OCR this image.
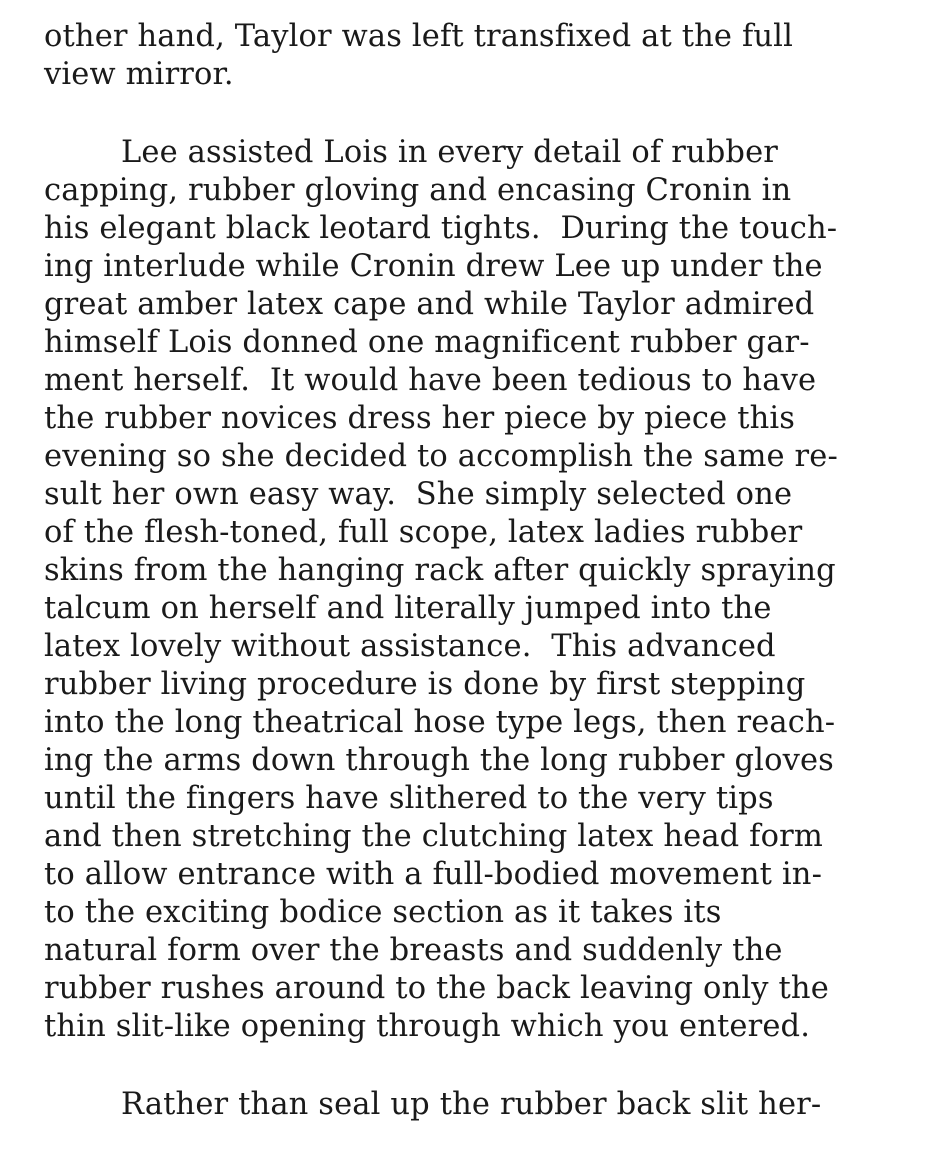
other hand, Taylor was left transfixed at the full
view mirror.
Lee assisted Lois in every detail of rubber
capping, rubber gloving and encasing Cronin in
his elegant black leotard tights.  During the touch-
ing interlude while Cronin drew Lee up under the
great amber latex cape and while Taylor admired
himself Lois donned one magnificent rubber gar-
ment herself.  It would have been tedious to have
the rubber novices dress her piece by piece this
evening so she decided to accomplish the same re-
sult her own easy way.  She simply selected one
of the flesh-toned, full scope, latex ladies rubber
skins from the hanging rack after quickly spraying
talcum on herself and literally jumped into the
latex lovely without assistance.  This advanced
rubber living procedure is done by first stepping
into the long theatrical hose type legs, then reach-
ing the arms down through the long rubber gloves
until the fingers have slithered to the very tips
and then stretching the clutching latex head form
to allow entrance with a full-bodied movement in-
to the exciting bodice section as it takes its
natural form over the breasts and suddenly the
rubber rushes around to the back leaving only the
thin slit-like opening through which you entered.
Rather than seal up the rubber back slit her-
